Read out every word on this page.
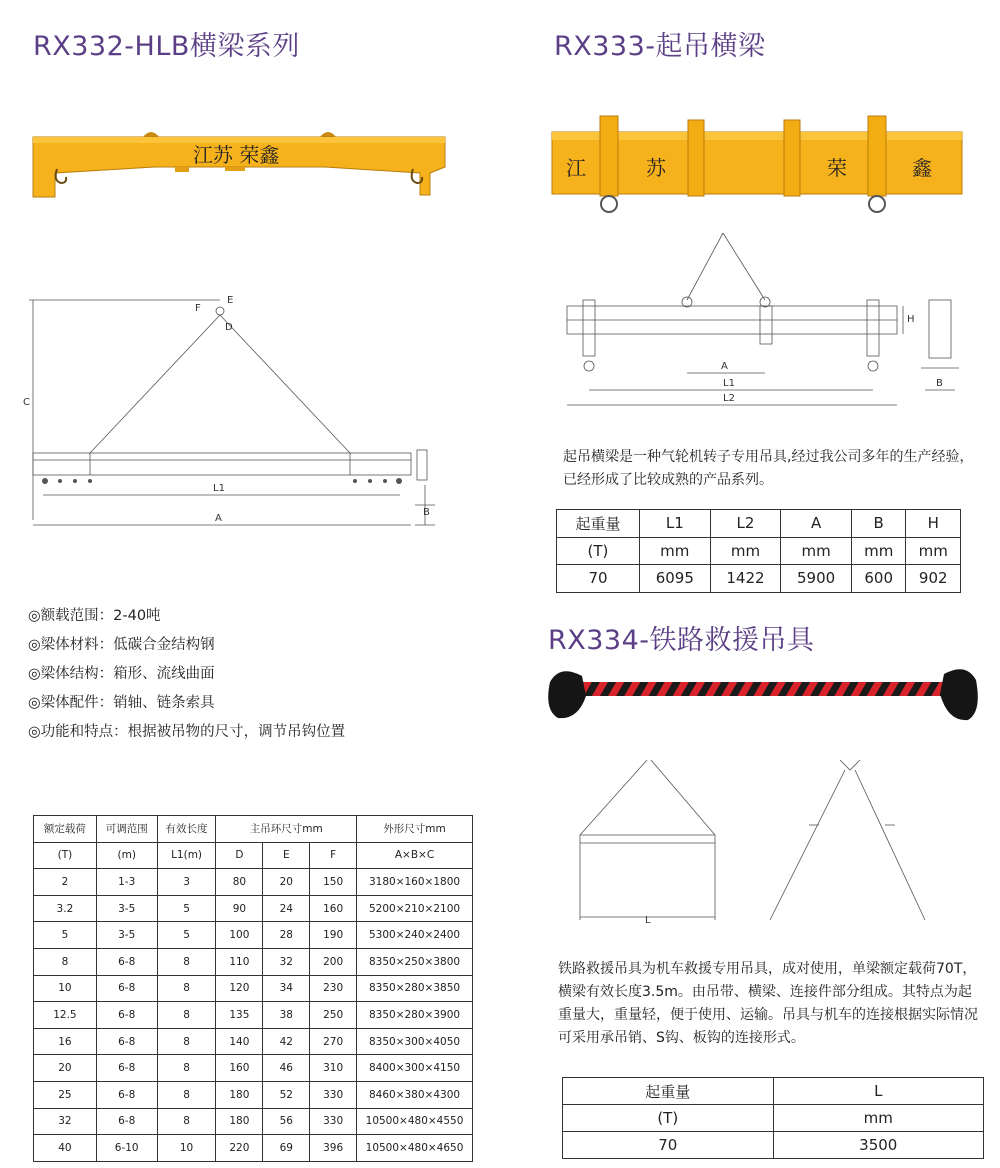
RX332-HLB横梁系列
江苏 荣鑫
F
E
D
C
L1
A
B
◎额载范围：2-40吨
◎梁体材料：低碳合金结构钢
◎梁体结构：箱形、流线曲面
◎梁体配件：销轴、链条索具
◎功能和特点：根据被吊物的尺寸，调节吊钩位置
额定载荷	可调范围	有效长度	主吊环尺寸mm			外形尺寸mm
(T)	(m)	L1(m)	D	E	F	A×B×C
2	1-3	3	80	20	150	3180×160×1800
3.2	3-5	5	90	24	160	5200×210×2100
5	3-5	5	100	28	190	5300×240×2400
8	6-8	8	110	32	200	8350×250×3800
10	6-8	8	120	34	230	8350×280×3850
12.5	6-8	8	135	38	250	8350×280×3900
16	6-8	8	140	42	270	8350×300×4050
20	6-8	8	160	46	310	8400×300×4150
25	6-8	8	180	52	330	8460×380×4300
32	6-8	8	180	56	330	10500×480×4550
40	6-10	10	220	69	396	10500×480×4650
RX333-起吊横梁
江	苏	荣	鑫
A
L1
L2
H
B
起吊横梁是一种气轮机转子专用吊具,经过我公司多年的生产经验，已经形成了比较成熟的产品系列。
起重量	L1	L2	A	B	H
(T)	mm	mm	mm	mm	mm
70	6095	1422	5900	600	902
RX334-铁路救援吊具
L
铁路救援吊具为机车救援专用吊具，成对使用，单梁额定载荷70T，横梁有效长度3.5m。由吊带、横梁、连接件部分组成。其特点为起重量大，重量轻，便于使用、运输。吊具与机车的连接根据实际情况可采用承吊销、S钩、板钩的连接形式。
起重量	L
(T)	mm
70	3500
